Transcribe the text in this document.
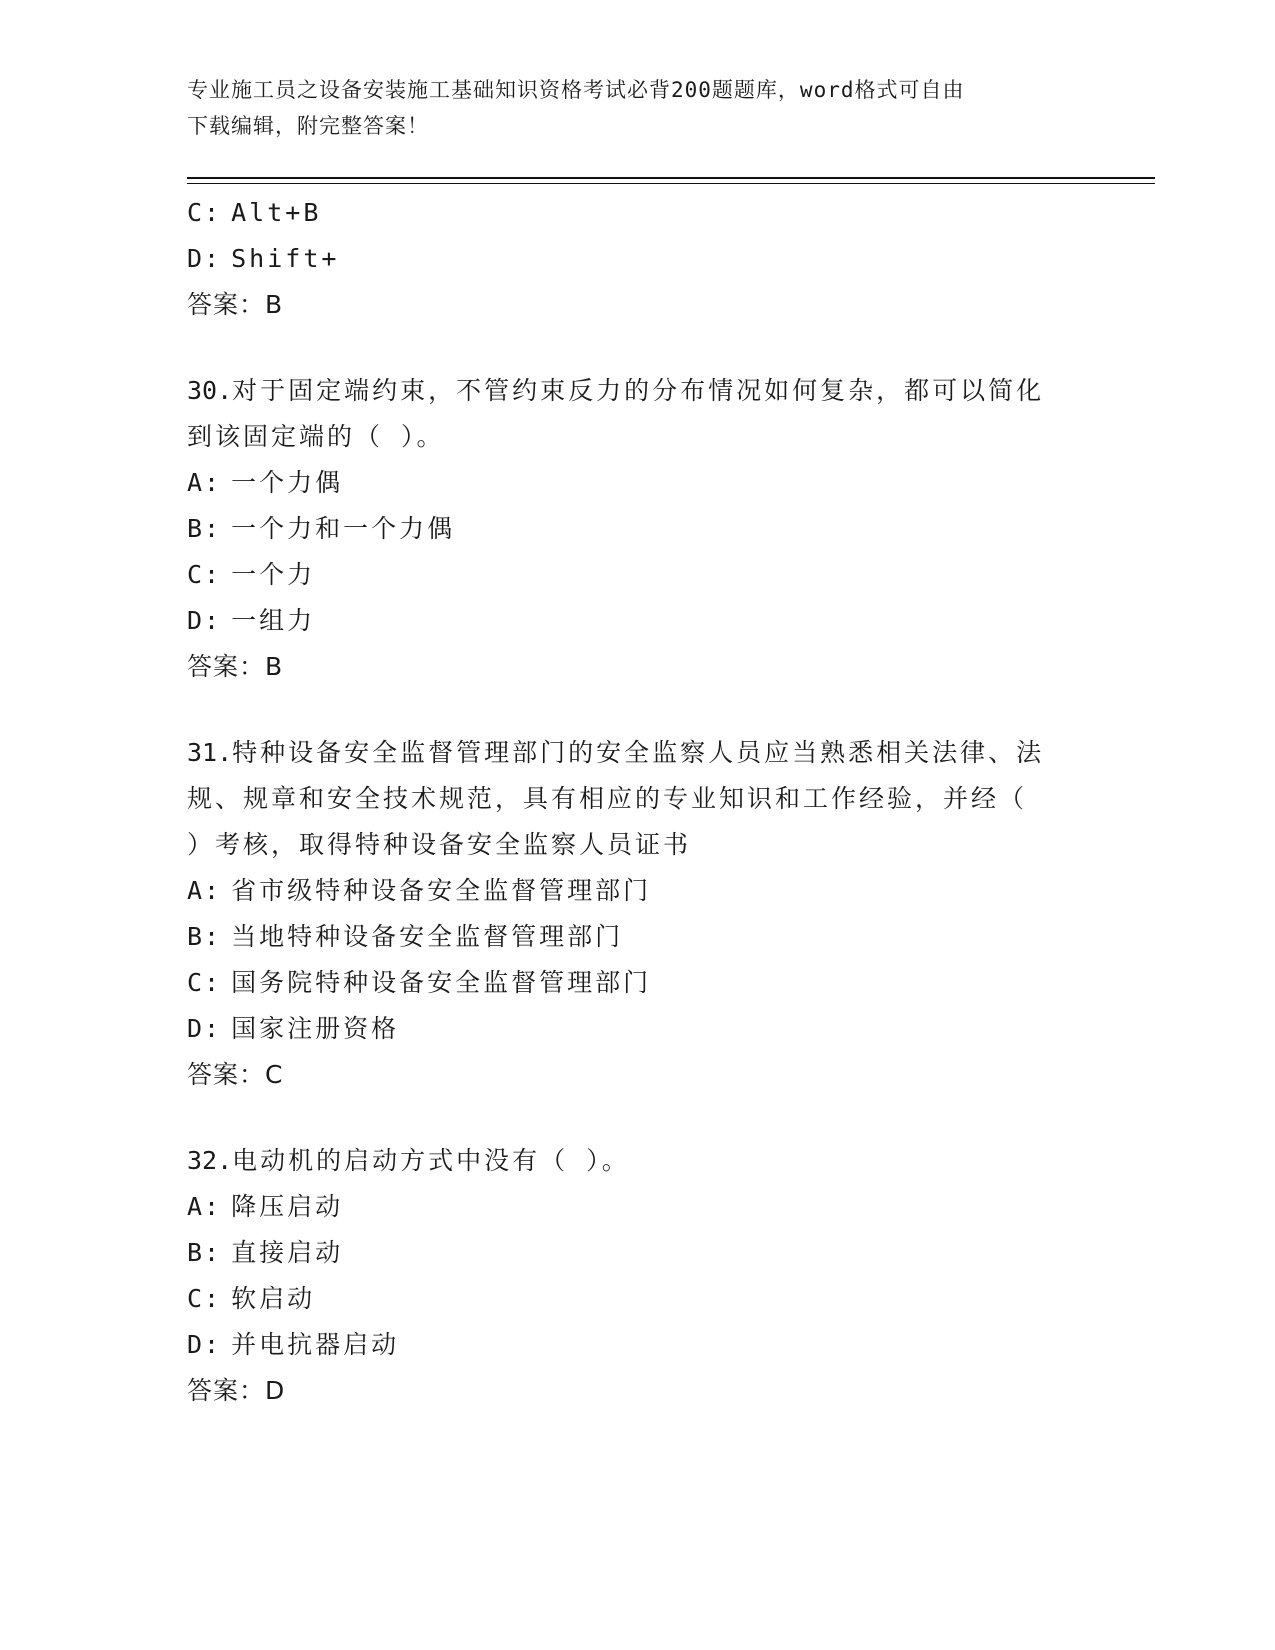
专业施工员之设备安装施工基础知识资格考试必背200题题库，word格式可自由
下载编辑，附完整答案！
C: Alt+B
D: Shift+
答案：B
30.对于固定端约束，不管约束反力的分布情况如何复杂，都可以简化
到该固定端的（ ）。
A: 一个力偶
B: 一个力和一个力偶
C: 一个力
D: 一组力
答案：B
31.特种设备安全监督管理部门的安全监察人员应当熟悉相关法律、法
规、规章和安全技术规范，具有相应的专业知识和工作经验，并经（
）考核，取得特种设备安全监察人员证书
A: 省市级特种设备安全监督管理部门
B: 当地特种设备安全监督管理部门
C: 国务院特种设备安全监督管理部门
D: 国家注册资格
答案：C
32.电动机的启动方式中没有（ ）。
A: 降压启动
B: 直接启动
C: 软启动
D: 并电抗器启动
答案：D
